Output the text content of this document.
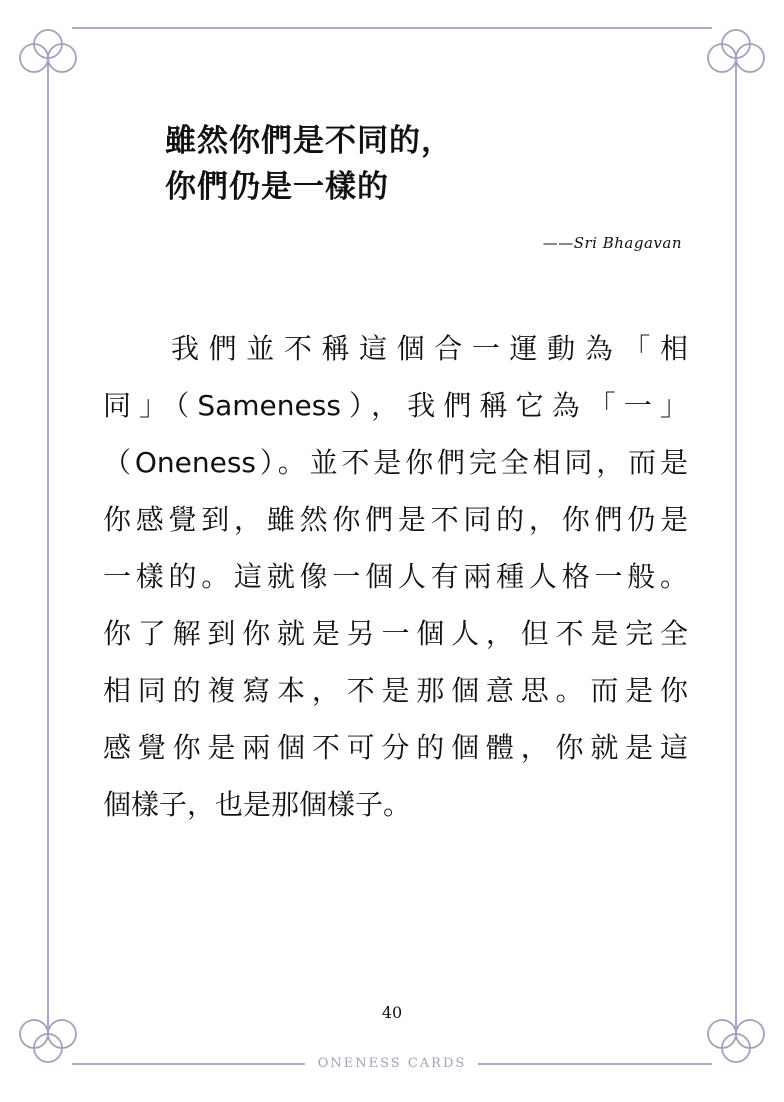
雖然你們是不同的，
你們仍是一樣的
——Sri Bhagavan
我們並不稱這個合一運動為「相
同」（Sameness），我們稱它為「一」
（Oneness）。並不是你們完全相同，而是
你感覺到，雖然你們是不同的，你們仍是
一樣的。這就像一個人有兩種人格一般。
你了解到你就是另一個人，但不是完全
相同的複寫本，不是那個意思。而是你
感覺你是兩個不可分的個體，你就是這
個樣子，也是那個樣子。
40
ONENESS CARDS
